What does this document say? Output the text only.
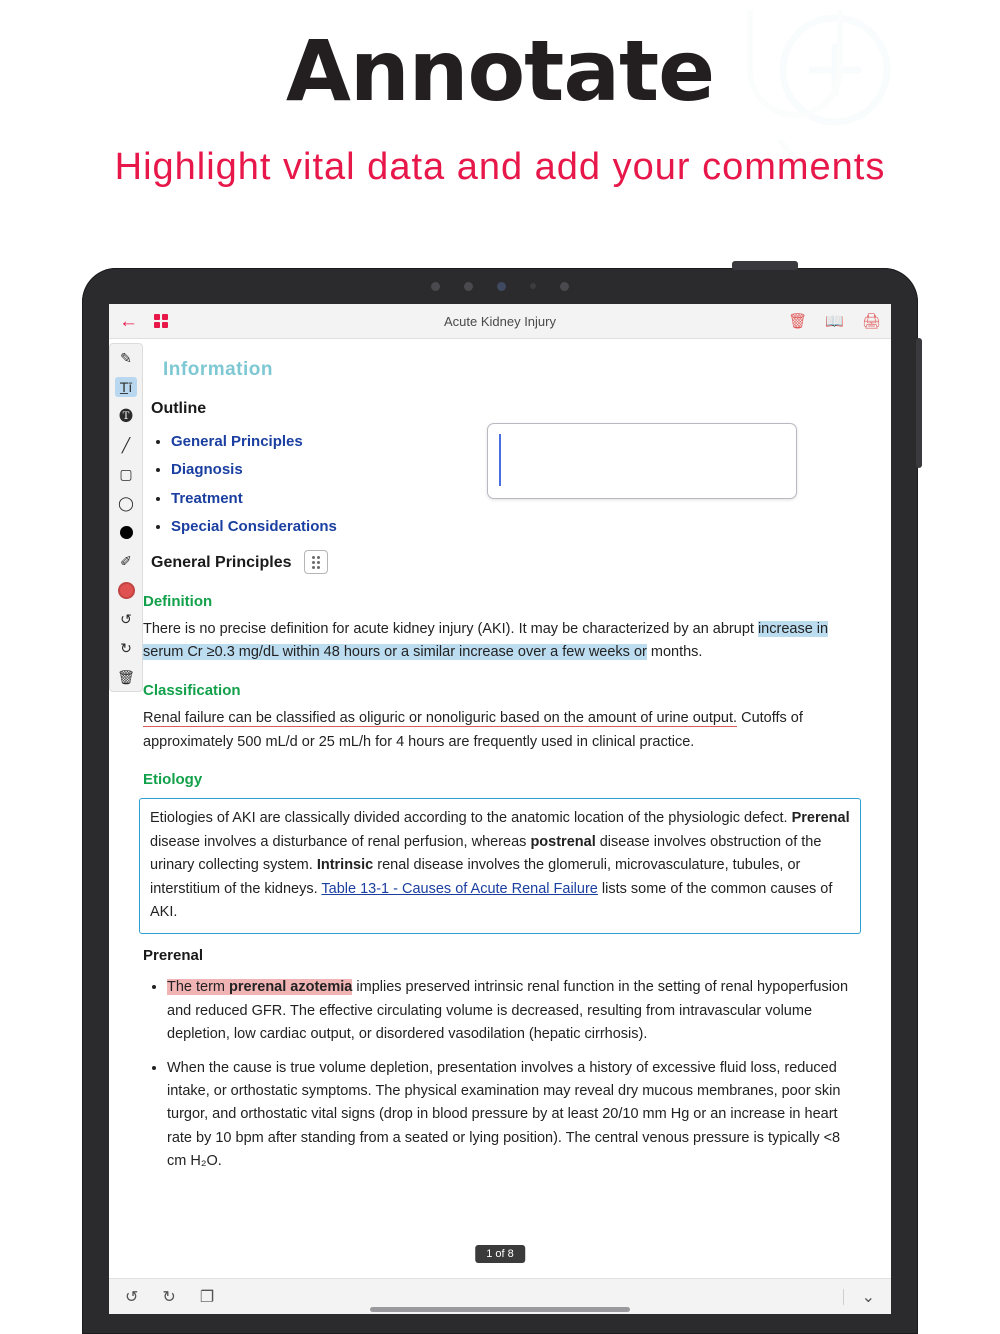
Annotate
Highlight vital data and add your comments
←	Acute Kidney Injury	🗑 📖 🖨
✎
T̲ī
🅣
╱
▢
◯
✐
↺
↻
🗑
Information
Outline
• General Principles
• Diagnosis
• Treatment
• Special Considerations
General Principles
Definition
There is no precise definition for acute kidney injury (AKI). It may be characterized by an abrupt increase in serum Cr ≥0.3 mg/dL within 48 hours or a similar increase over a few weeks or months.
Classification
Renal failure can be classified as oliguric or nonoliguric based on the amount of urine output. Cutoffs of approximately 500 mL/d or 25 mL/h for 4 hours are frequently used in clinical practice.
Etiology
Etiologies of AKI are classically divided according to the anatomic location of the physiologic defect. Prerenal disease involves a disturbance of renal perfusion, whereas postrenal disease involves obstruction of the urinary collecting system. Intrinsic renal disease involves the glomeruli, microvasculature, tubules, or interstitium of the kidneys. Table 13-1 - Causes of Acute Renal Failure lists some of the common causes of AKI.
Prerenal
• The term prerenal azotemia implies preserved intrinsic renal function in the setting of renal hypoperfusion and reduced GFR. The effective circulating volume is decreased, resulting from intravascular volume depletion, low cardiac output, or disordered vasodilation (hepatic cirrhosis).
• When the cause is true volume depletion, presentation involves a history of excessive fluid loss, reduced intake, or orthostatic symptoms. The physical examination may reveal dry mucous membranes, poor skin turgor, and orthostatic vital signs (drop in blood pressure by at least 20/10 mm Hg or an increase in heart rate by 10 bpm after standing from a seated or lying position). The central venous pressure is typically <8 cm H₂O.
1 of 8
↺ ↻ ❐	⌄
